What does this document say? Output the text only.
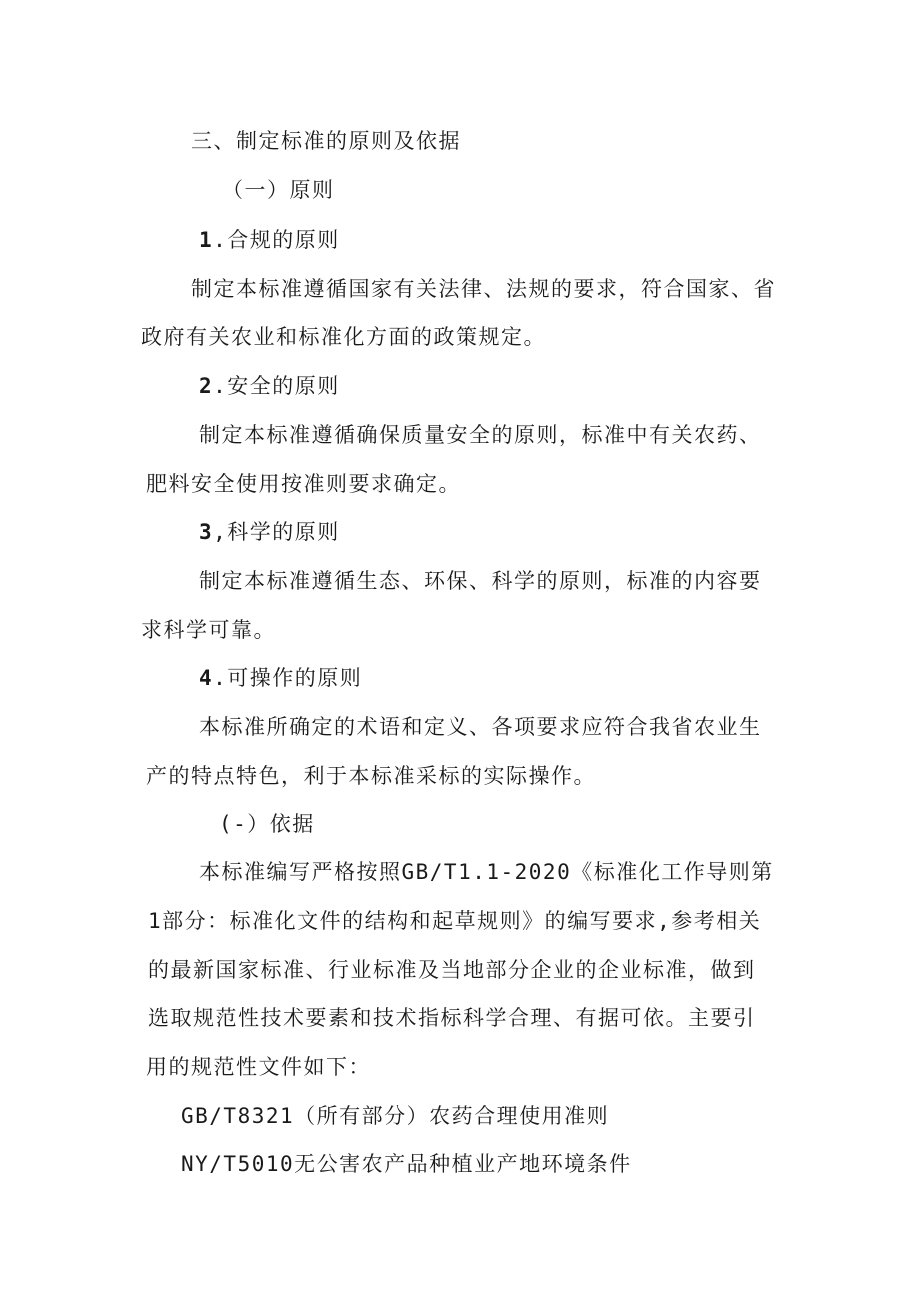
三、制定标准的原则及依据
（一）原则
1.合规的原则
制定本标准遵循国家有关法律、法规的要求，符合国家、省
政府有关农业和标准化方面的政策规定。
2.安全的原则
制定本标准遵循确保质量安全的原则，标准中有关农药、
肥料安全使用按准则要求确定。
3,科学的原则
制定本标准遵循生态、环保、科学的原则，标准的内容要
求科学可靠。
4.可操作的原则
本标准所确定的术语和定义、各项要求应符合我省农业生
产的特点特色，利于本标准采标的实际操作。
(-）依据
本标准编写严格按照GB/T1.1-2020《标准化工作导则第
1部分：标准化文件的结构和起草规则》的编写要求,参考相关
的最新国家标准、行业标准及当地部分企业的企业标准，做到
选取规范性技术要素和技术指标科学合理、有据可依。主要引
用的规范性文件如下：
GB/T8321（所有部分）农药合理使用准则
NY/T5010无公害农产品种植业产地环境条件
